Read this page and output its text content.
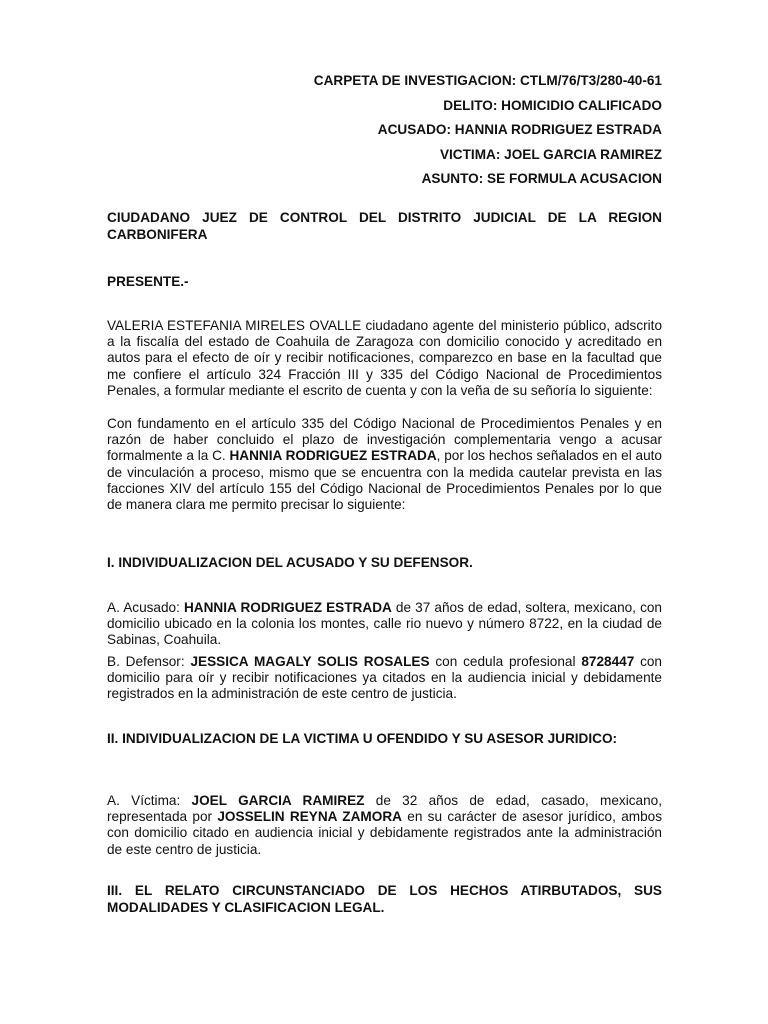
CARPETA DE INVESTIGACION: CTLM/76/T3/280-40-61
DELITO: HOMICIDIO CALIFICADO
ACUSADO: HANNIA RODRIGUEZ ESTRADA
VICTIMA: JOEL GARCIA RAMIREZ
ASUNTO: SE FORMULA ACUSACION
CIUDADANO JUEZ DE CONTROL DEL DISTRITO JUDICIAL DE LA REGION CARBONIFERA
PRESENTE.-

VALERIA ESTEFANIA MIRELES OVALLE ciudadano agente del ministerio público, adscrito a la fiscalía del estado de Coahuila de Zaragoza con domicilio conocido y acreditado en autos para el efecto de oír y recibir notificaciones, comparezco en base en la facultad que me confiere el artículo 324 Fracción III y 335 del Código Nacional de Procedimientos Penales, a formular mediante el escrito de cuenta y con la veña de su señoría lo siguiente:

Con fundamento en el artículo 335 del Código Nacional de Procedimientos Penales y en razón de haber concluido el plazo de investigación complementaria vengo a acusar formalmente a la C. HANNIA RODRIGUEZ ESTRADA, por los hechos señalados en el auto de vinculación a proceso, mismo que se encuentra con la medida cautelar prevista en las facciones XIV del artículo 155 del Código Nacional de Procedimientos Penales por lo que de manera clara me permito precisar lo siguiente:

I. INDIVIDUALIZACION DEL ACUSADO Y SU DEFENSOR.

A. Acusado: HANNIA RODRIGUEZ ESTRADA de 37 años de edad, soltera, mexicano, con domicilio ubicado en la colonia los montes, calle rio nuevo y número 8722, en la ciudad de Sabinas, Coahuila.

B. Defensor: JESSICA MAGALY SOLIS ROSALES con cedula profesional 8728447 con domicilio para oír y recibir notificaciones ya citados en la audiencia inicial y debidamente registrados en la administración de este centro de justicia.

II. INDIVIDUALIZACION DE LA VICTIMA U OFENDIDO Y SU ASESOR JURIDICO:

A. Víctima: JOEL GARCIA RAMIREZ de 32 años de edad, casado, mexicano, representada por JOSSELIN REYNA ZAMORA en su carácter de asesor jurídico, ambos con domicilio citado en audiencia inicial y debidamente registrados ante la administración de este centro de justicia.

III. EL RELATO CIRCUNSTANCIADO DE LOS HECHOS ATIRBUTADOS, SUS MODALIDADES Y CLASIFICACION LEGAL.
